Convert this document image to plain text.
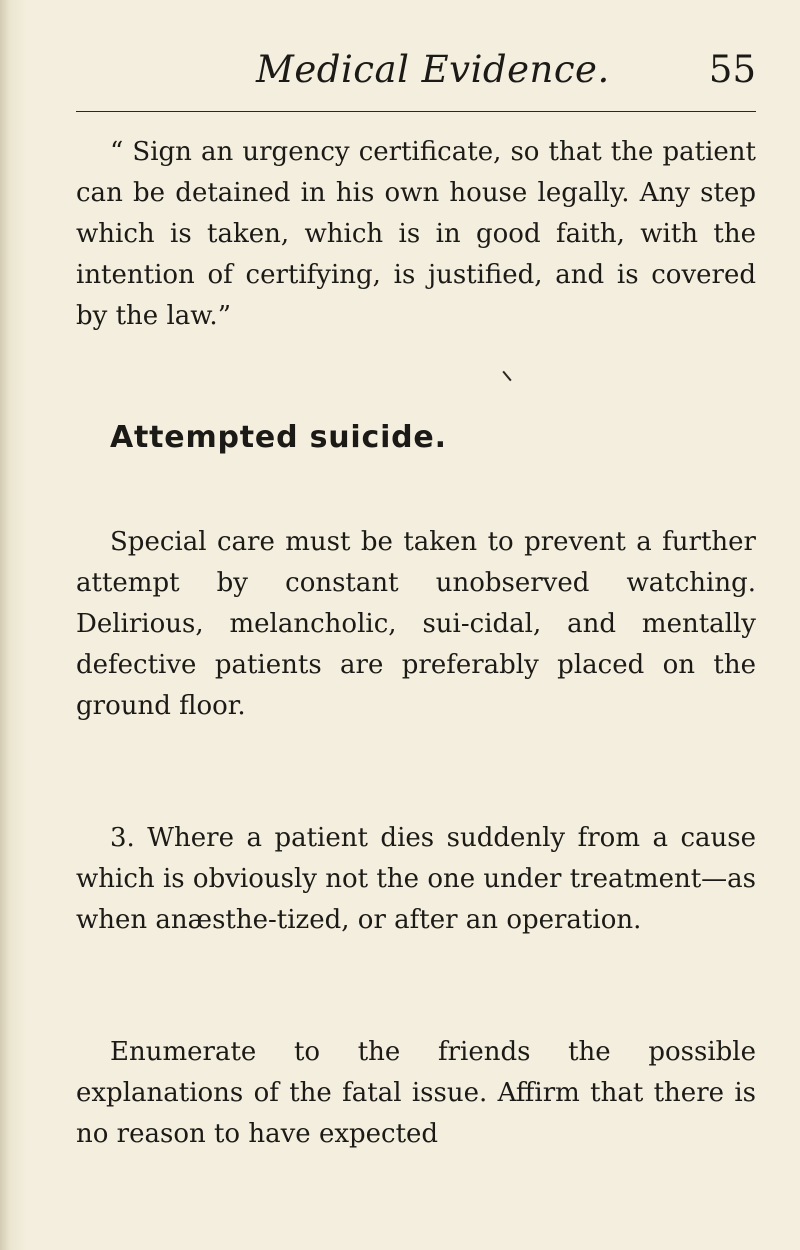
Medical Evidence.	55

“ Sign an urgency certificate, so that the patient can be detained in his own house legally. Any step which is taken, which is in good faith, with the intention of certifying, is justified, and is covered by the law.”

Attempted suicide.

Special care must be taken to prevent a further attempt by constant unobserved watching. Delirious, melancholic, sui-cidal, and mentally defective patients are preferably placed on the ground floor.

3. Where a patient dies suddenly from a cause which is obviously not the one under treatment—as when anæsthe-tized, or after an operation.

Enumerate to the friends the possible explanations of the fatal issue. Affirm that there is no reason to have expected
